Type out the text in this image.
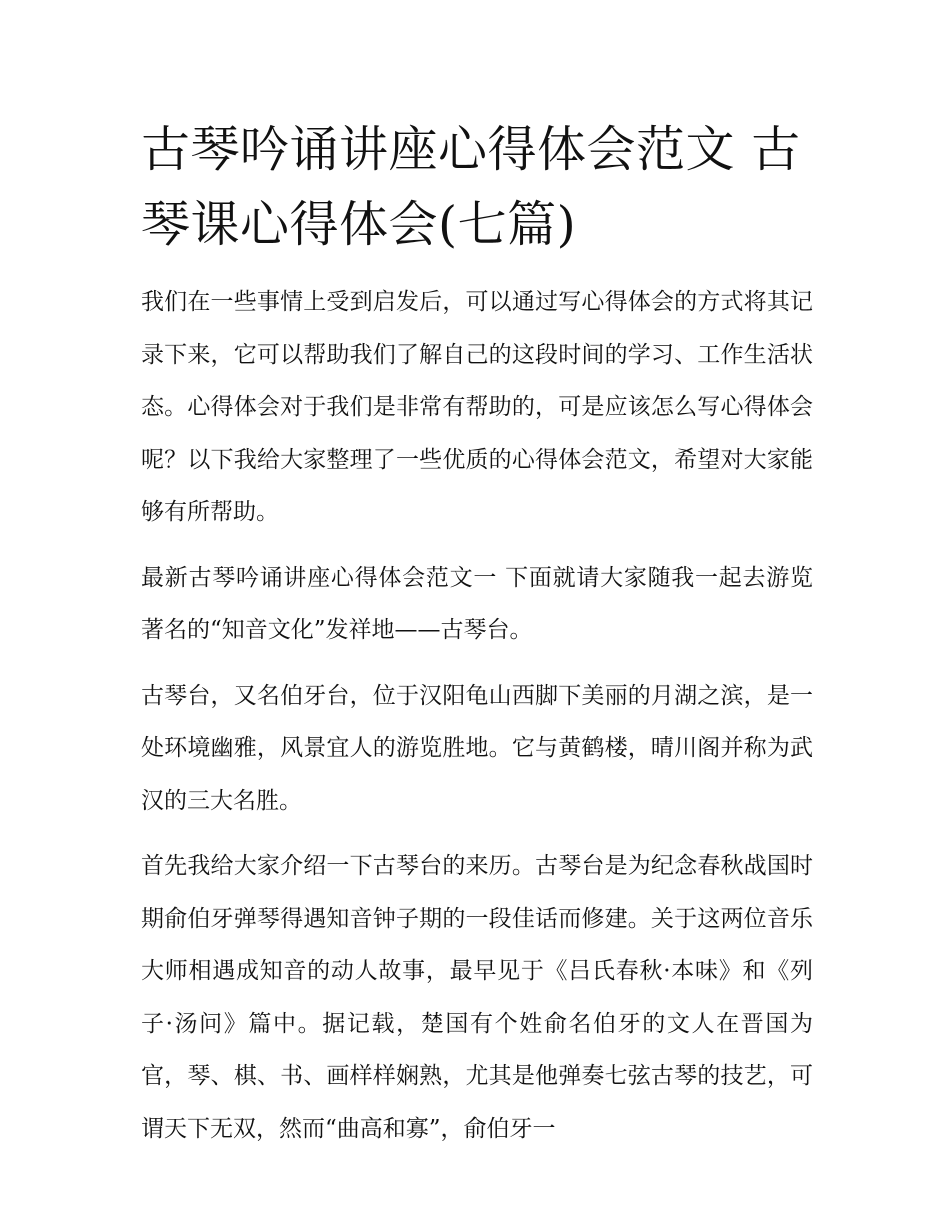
古琴吟诵讲座心得体会范文 古琴课心得体会(七篇)

我们在一些事情上受到启发后，可以通过写心得体会的方式将其记录下来，它可以帮助我们了解自己的这段时间的学习、工作生活状态。心得体会对于我们是非常有帮助的，可是应该怎么写心得体会呢？以下我给大家整理了一些优质的心得体会范文，希望对大家能够有所帮助。

最新古琴吟诵讲座心得体会范文一 下面就请大家随我一起去游览著名的“知音文化”发祥地——古琴台。

古琴台，又名伯牙台，位于汉阳龟山西脚下美丽的月湖之滨，是一处环境幽雅，风景宜人的游览胜地。它与黄鹤楼，晴川阁并称为武汉的三大名胜。

首先我给大家介绍一下古琴台的来历。古琴台是为纪念春秋战国时期俞伯牙弹琴得遇知音钟子期的一段佳话而修建。关于这两位音乐大师相遇成知音的动人故事，最早见于《吕氏春秋·本味》和《列子·汤问》篇中。据记载，楚国有个姓俞名伯牙的文人在晋国为官，琴、棋、书、画样样娴熟，尤其是他弹奏七弦古琴的技艺，可谓天下无双，然而“曲高和寡”，俞伯牙一
